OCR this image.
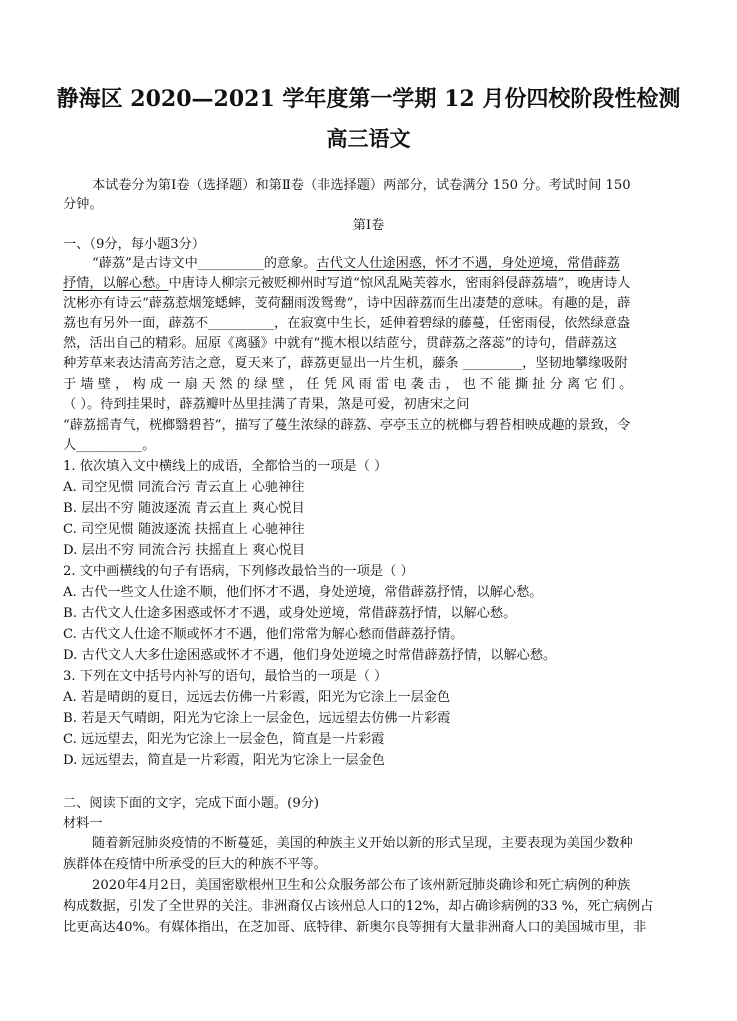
静海区 2020—2021 学年度第一学期 12 月份四校阶段性检测
高三语文
本试卷分为第Ⅰ卷（选择题）和第Ⅱ卷（非选择题）两部分，试卷满分 150 分。考试时间 150
分钟。
第Ⅰ卷
一、（9分，每小题3分）
“薜荔”是古诗文中__________的意象。古代文人仕途困惑，怀才不遇，身处逆境，常借薜荔
抒情，以解心愁。中唐诗人柳宗元被贬柳州时写道“惊风乱飐芙蓉水，密雨斜侵薜荔墙”，晚唐诗人
沈彬亦有诗云“薜荔惹烟笼蟋蟀，芰荷翻雨泼鸳鸯”，诗中因薜荔而生出凄楚的意味。有趣的是，薜
荔也有另外一面，薜荔不__________，在寂寞中生长，延伸着碧绿的藤蔓，任密雨侵，依然绿意盎
然，活出自己的精彩。屈原《离骚》中就有“揽木根以结茝兮，贯薜荔之落蕊”的诗句，借薜荔这
种芳草来表达清高芳洁之意，夏天来了，薜荔更显出一片生机，藤条 _________，坚韧地攀缘吸附
于 墙 壁 ， 构 成 一 扇 天 然 的 绿 壁 ， 任 凭 风 雨 雷 电 袭 击 ， 也 不 能 撕 扯 分 离 它 们 。
（ ）。待到挂果时，薜荔瓣叶丛里挂满了青果，煞是可爱，初唐宋之问
“薜荔摇青气，桄榔翳碧苔”，描写了蔓生浓绿的薜荔、亭亭玉立的桄榔与碧苔相映成趣的景致，令
人__________。
1. 依次填入文中横线上的成语，全都恰当的一项是（ ）
A. 司空见惯 同流合污 青云直上 心驰神往
B. 层出不穷 随波逐流 青云直上 爽心悦目
C. 司空见惯 随波逐流 扶摇直上 心驰神往
D. 层出不穷 同流合污 扶摇直上 爽心悦目
2. 文中画横线的句子有语病，下列修改最恰当的一项是（ ）
A. 古代一些文人仕途不顺，他们怀才不遇，身处逆境，常借薜荔抒情，以解心愁。
B. 古代文人仕途多困惑或怀才不遇，或身处逆境，常借薜荔抒情，以解心愁。
C. 古代文人仕途不顺或怀才不遇，他们常常为解心愁而借薜荔抒情。
D. 古代文人大多仕途困惑或怀才不遇，他们身处逆境之时常借薜荔抒情，以解心愁。
3. 下列在文中括号内补写的语句，最恰当的一项是（ ）
A. 若是晴朗的夏日，远远去仿佛一片彩霞，阳光为它涂上一层金色
B. 若是天气晴朗，阳光为它涂上一层金色，远远望去仿佛一片彩霞
C. 远远望去，阳光为它涂上一层金色，简直是一片彩霞
D. 远远望去，简直是一片彩霞，阳光为它涂上一层金色
二、阅读下面的文字，完成下面小题。(9分)
材料一
随着新冠肺炎疫情的不断蔓延，美国的种族主义开始以新的形式呈现，主要表现为美国少数种
族群体在疫情中所承受的巨大的种族不平等。
2020年4月2日，美国密歇根州卫生和公众服务部公布了该州新冠肺炎确诊和死亡病例的种族
构成数据，引发了全世界的关注。非洲裔仅占该州总人口的12%，却占确诊病例的33 %，死亡病例占
比更高达40%。有媒体指出，在芝加哥、底特律、新奥尔良等拥有大量非洲裔人口的美国城市里，非
